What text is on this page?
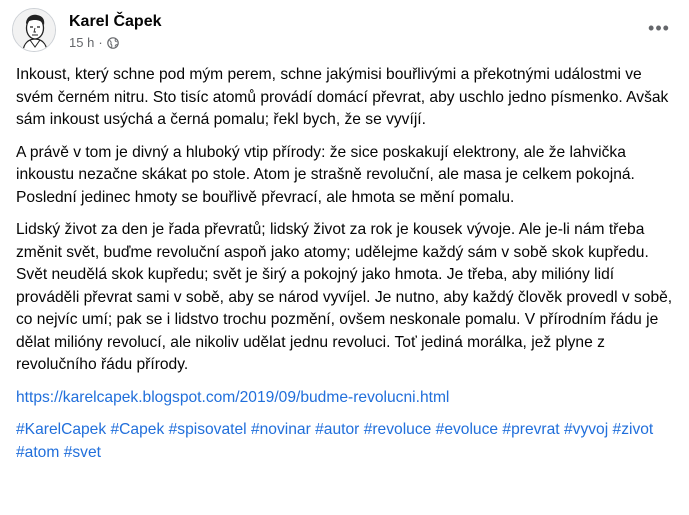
Karel Čapek
15 h ·
•••

Inkoust, který schne pod mým perem, schne jakýmisi bouřlivými a překotnými událostmi ve svém černém nitru. Sto tisíc atomů provádí domácí převrat, aby uschlo jedno písmenko. Avšak sám inkoust usýchá a černá pomalu; řekl bych, že se vyvíjí.

A právě v tom je divný a hluboký vtip přírody: že sice poskakují elektrony, ale že lahvička inkoustu nezačne skákat po stole. Atom je strašně revoluční, ale masa je celkem pokojná. Poslední jedinec hmoty se bouřlivě převrací, ale hmota se mění pomalu.

Lidský život za den je řada převratů; lidský život za rok je kousek vývoje. Ale je-li nám třeba změnit svět, buďme revoluční aspoň jako atomy; udělejme každý sám v sobě skok kupředu. Svět neudělá skok kupředu; svět je širý a pokojný jako hmota. Je třeba, aby milióny lidí prováděli převrat sami v sobě, aby se národ vyvíjel. Je nutno, aby každý člověk provedl v sobě, co nejvíc umí; pak se i lidstvo trochu pozmění, ovšem neskonale pomalu. V přírodním řádu je dělat milióny revolucí, ale nikoliv udělat jednu revoluci. Toť jediná morálka, jež plyne z revolučního řádu přírody.

https://karelcapek.blogspot.com/2019/09/budme-revolucni.html

#KarelCapek #Capek #spisovatel #novinar #autor #revoluce #evoluce #prevrat #vyvoj #zivot #atom #svet
